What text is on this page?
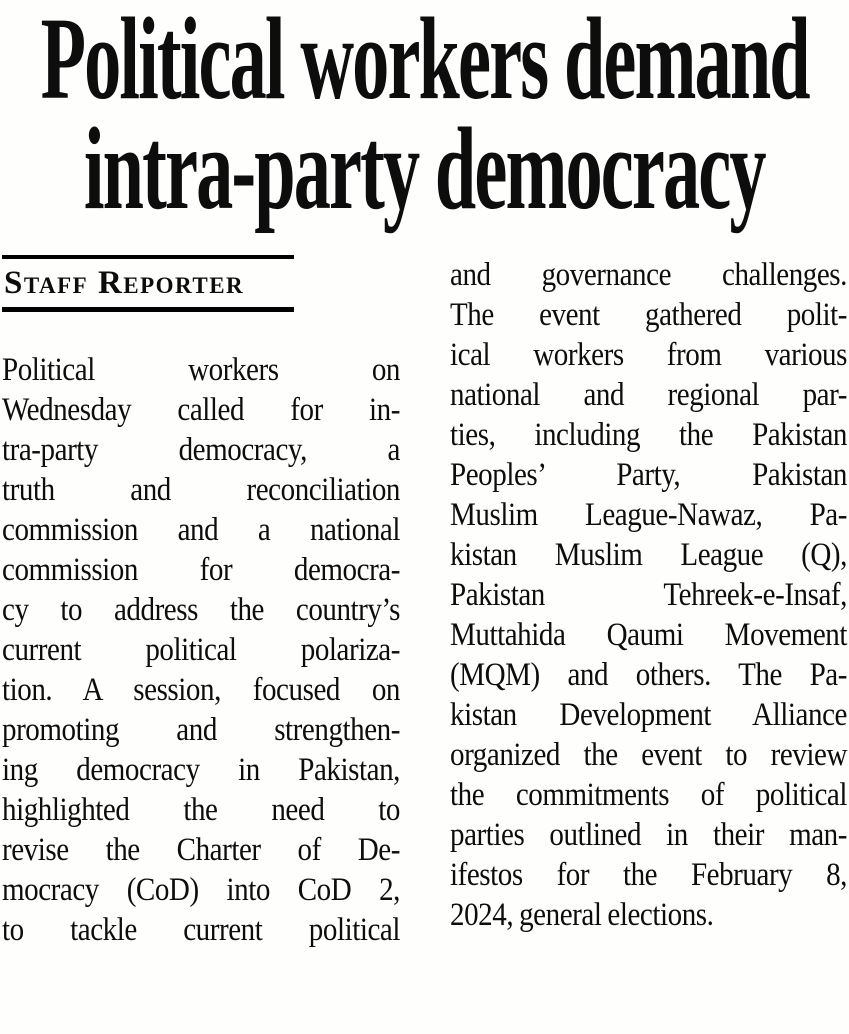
Political workers demand
intra-party democracy
Staff Reporter
Political workers on
Wednesday called for in-
tra-party democracy, a
truth and reconciliation
commission and a national
commission for democra-
cy to address the country’s
current political polariza-
tion. A session, focused on
promoting and strengthen-
ing democracy in Pakistan,
highlighted the need to
revise the Charter of De-
mocracy (CoD) into CoD 2,
to tackle current political
and governance challenges.
The event gathered polit-
ical workers from various
national and regional par-
ties, including the Pakistan
Peoples’ Party, Pakistan
Muslim League-Nawaz, Pa-
kistan Muslim League (Q),
Pakistan Tehreek-e-Insaf,
Muttahida Qaumi Movement
(MQM) and others. The Pa-
kistan Development Alliance
organized the event to review
the commitments of political
parties outlined in their man-
ifestos for the February 8,
2024, general elections.
